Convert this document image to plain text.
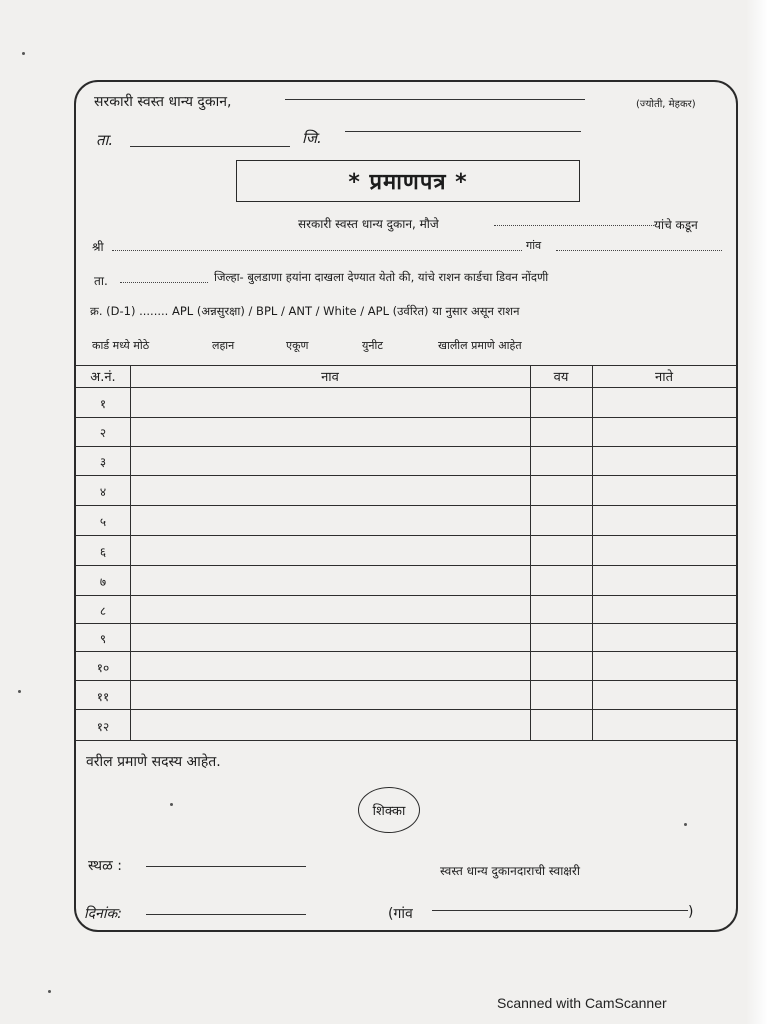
सरकारी स्वस्त धान्य दुकान,	(ज्योती, मेहकर)
ता.	जि.
* प्रमाणपत्र *
सरकारी स्वस्त धान्य दुकान, मौजे	यांचे कडून
श्री	गांव
ता.	जिल्हा- बुलडाणा हयांना दाखला देण्यात येतो की, यांचे राशन कार्डचा डिवन नोंदणी
क्र. (D-1) ........ APL (अन्नसुरक्षा) / BPL / ANT / White / APL (उर्वरित) या नुसार असून राशन
कार्ड मध्ये मोठे	लहान	एकूण	युनीट	खालील प्रमाणे आहेत
अ.नं.	नाव	वय	नाते
१
२
३
४
५
६
७
८
९
१०
११
१२
वरील प्रमाणे सदस्य आहेत.
शिक्का
स्थळ :	स्वस्त धान्य दुकानदाराची स्वाक्षरी
दिनांक:	(गांव	)
Scanned with CamScanner
